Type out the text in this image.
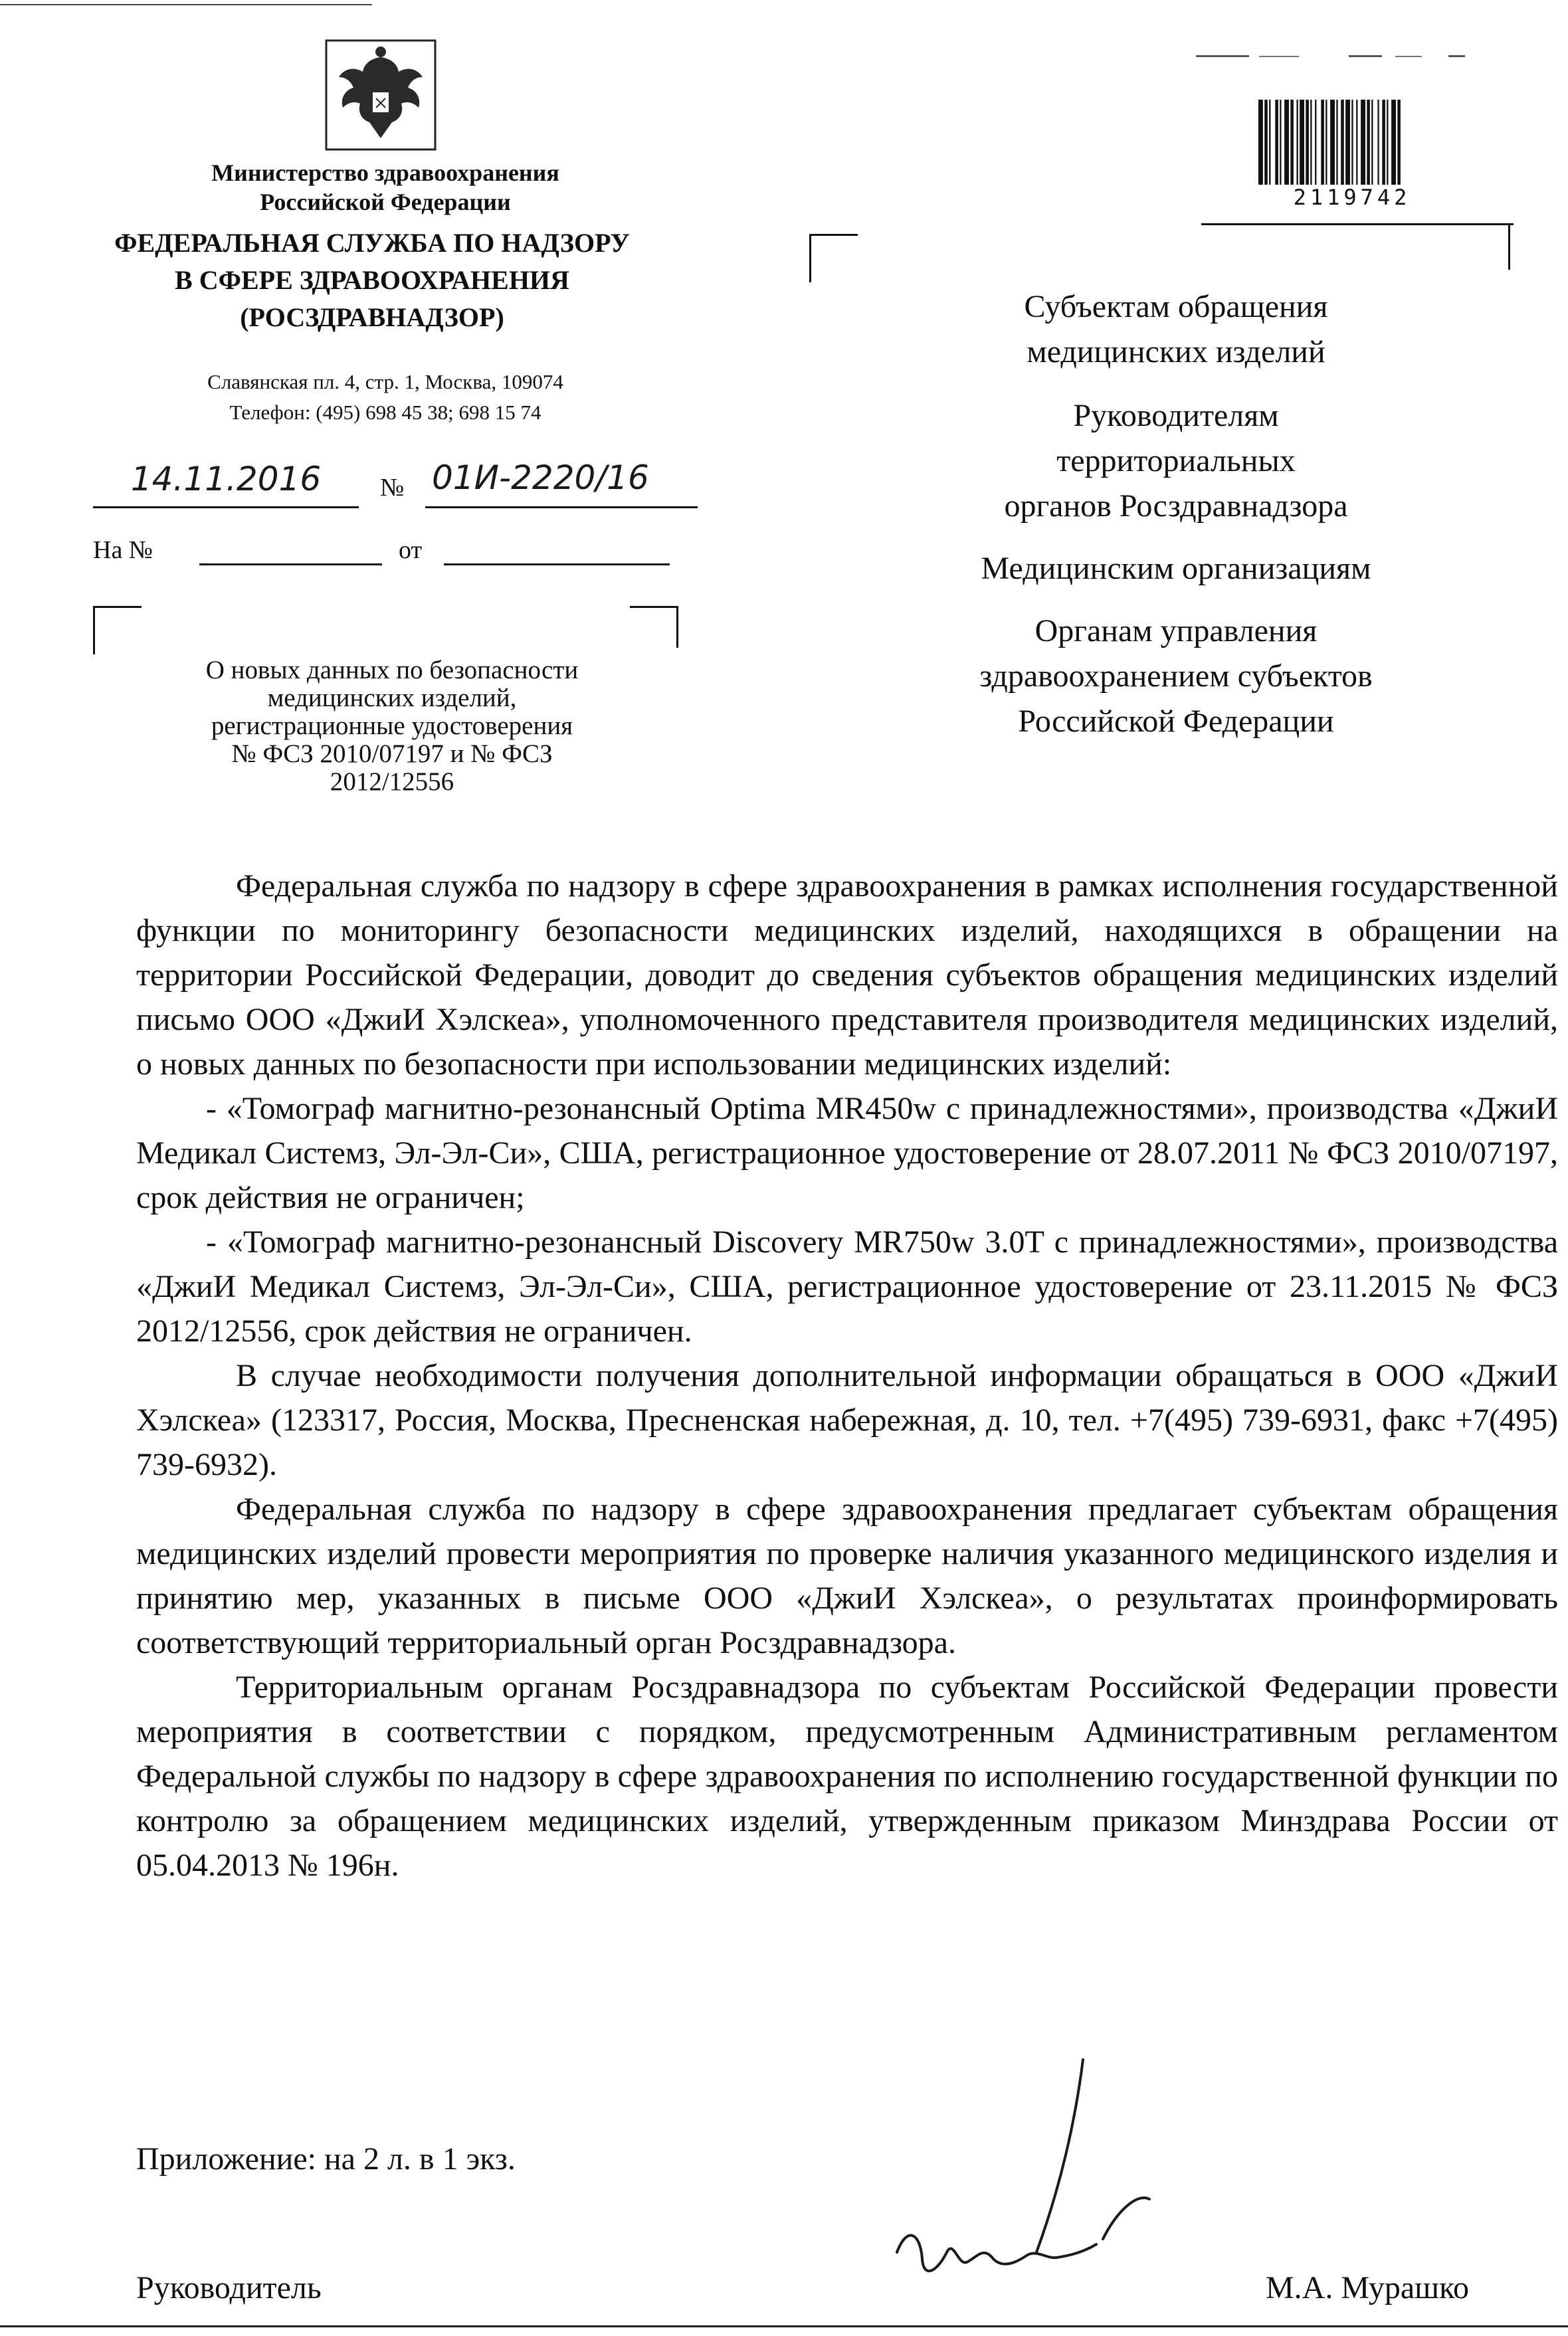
Министерство здравоохранения
Российской Федерации
ФЕДЕРАЛЬНАЯ СЛУЖБА ПО НАДЗОРУ
В СФЕРЕ ЗДРАВООХРАНЕНИЯ
(РОСЗДРАВНАДЗОР)
Славянская пл. 4, стр. 1, Москва, 109074
Телефон: (495) 698 45 38; 698 15 74
14.11.2016	№ 01И-2220/16
На №	от
О новых данных по безопасности
медицинских изделий,
регистрационные удостоверения
№ ФСЗ 2010/07197 и № ФСЗ
2012/12556
2119742
Субъектам обращения
медицинских изделий
Руководителям
территориальных
органов Росздравнадзора
Медицинским организациям
Органам управления
здравоохранением субъектов
Российской Федерации

Федеральная служба по надзору в сфере здравоохранения в рамках исполнения государственной функции по мониторингу безопасности медицинских изделий, находящихся в обращении на территории Российской Федерации, доводит до сведения субъектов обращения медицинских изделий письмо ООО «ДжиИ Хэлскеа», уполномоченного представителя производителя медицинских изделий, о новых данных по безопасности при использовании медицинских изделий:

- «Томограф магнитно-резонансный Optima MR450w с принадлежностями», производства «ДжиИ Медикал Системз, Эл-Эл-Си», США, регистрационное удостоверение от 28.07.2011 № ФСЗ 2010/07197, срок действия не ограничен;

- «Томограф магнитно-резонансный Discovery MR750w 3.0T с принадлежностями», производства «ДжиИ Медикал Системз, Эл-Эл-Си», США, регистрационное удостоверение от 23.11.2015 № ФСЗ 2012/12556, срок действия не ограничен.

В случае необходимости получения дополнительной информации обращаться в ООО «ДжиИ Хэлскеа» (123317, Россия, Москва, Пресненская набережная, д. 10, тел. +7(495) 739-6931, факс +7(495) 739-6932).

Федеральная служба по надзору в сфере здравоохранения предлагает субъектам обращения медицинских изделий провести мероприятия по проверке наличия указанного медицинского изделия и принятию мер, указанных в письме ООО «ДжиИ Хэлскеа», о результатах проинформировать соответствующий территориальный орган Росздравнадзора.

Территориальным органам Росздравнадзора по субъектам Российской Федерации провести мероприятия в соответствии с порядком, предусмотренным Административным регламентом Федеральной службы по надзору в сфере здравоохранения по исполнению государственной функции по контролю за обращением медицинских изделий, утвержденным приказом Минздрава России от 05.04.2013 № 196н.

Приложение: на 2 л. в 1 экз.
Руководитель	М.А. Мурашко
